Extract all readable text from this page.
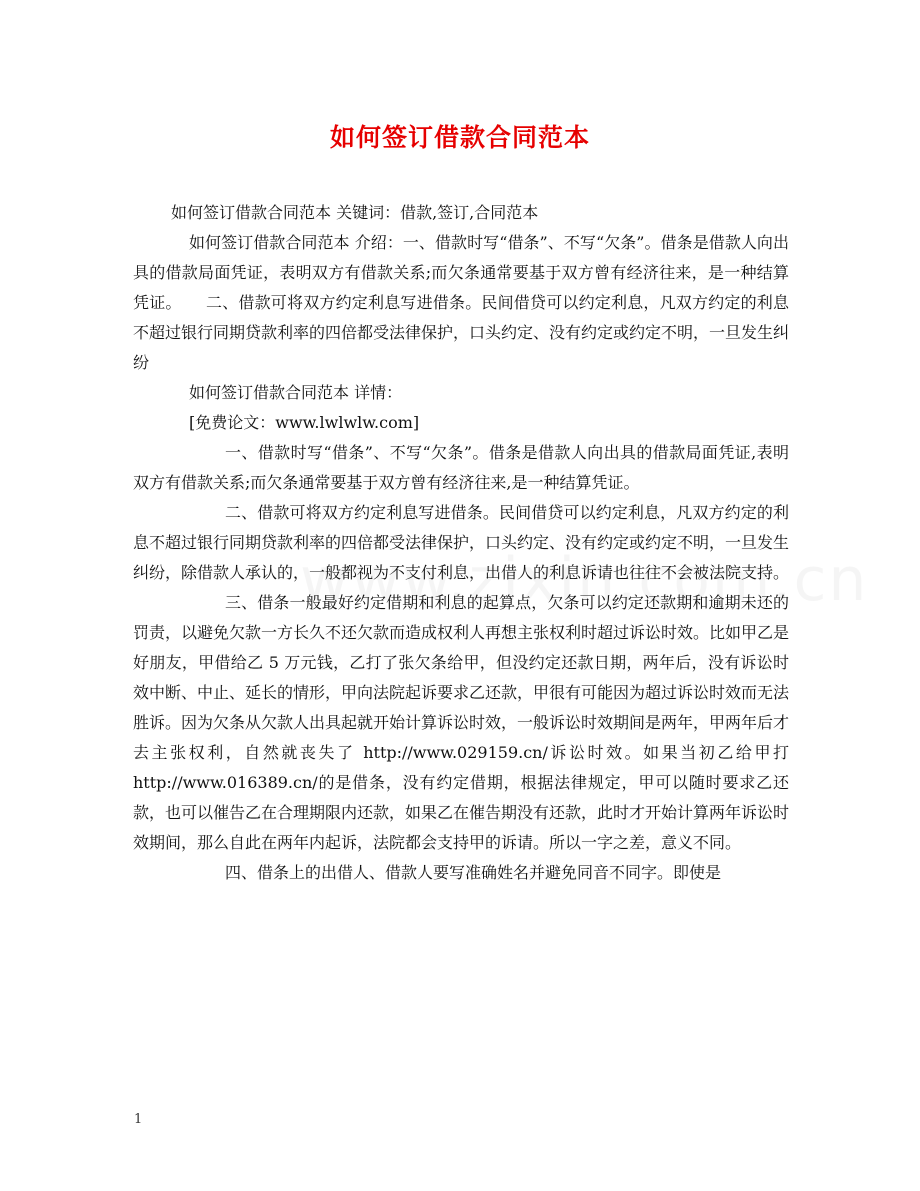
如何签订借款合同范本

如何签订借款合同范本 关键词：借款,签订,合同范本

如何签订借款合同范本 介绍：一、借款时写“借条”、不写“欠条”。借条是借款人向出具的借款局面凭证，表明双方有借款关系;而欠条通常要基于双方曾有经济往来，是一种结算凭证。　　二、借款可将双方约定利息写进借条。民间借贷可以约定利息，凡双方约定的利息不超过银行同期贷款利率的四倍都受法律保护，口头约定、没有约定或约定不明，一旦发生纠纷

如何签订借款合同范本 详情：

[免费论文：www.lwlwlw.com]

一、借款时写“借条”、不写“欠条”。借条是借款人向出具的借款局面凭证,表明双方有借款关系;而欠条通常要基于双方曾有经济往来,是一种结算凭证。

二、借款可将双方约定利息写进借条。民间借贷可以约定利息，凡双方约定的利息不超过银行同期贷款利率的四倍都受法律保护，口头约定、没有约定或约定不明，一旦发生纠纷，除借款人承认的，一般都视为不支付利息，出借人的利息诉请也往往不会被法院支持。

三、借条一般最好约定借期和利息的起算点，欠条可以约定还款期和逾期未还的罚责，以避免欠款一方长久不还欠款而造成权利人再想主张权利时超过诉讼时效。比如甲乙是好朋友，甲借给乙 5 万元钱，乙打了张欠条给甲，但没约定还款日期，两年后，没有诉讼时效中断、中止、延长的情形，甲向法院起诉要求乙还款，甲很有可能因为超过诉讼时效而无法胜诉。因为欠条从欠款人出具起就开始计算诉讼时效，一般诉讼时效期间是两年，甲两年后才去主张权利，自然就丧失了 http://www.029159.cn/诉讼时效。如果当初乙给甲打 http://www.016389.cn/的是借条，没有约定借期，根据法律规定，甲可以随时要求乙还款，也可以催告乙在合理期限内还款，如果乙在催告期没有还款，此时才开始计算两年诉讼时效期间，那么自此在两年内起诉，法院都会支持甲的诉请。所以一字之差，意义不同。

四、借条上的出借人、借款人要写准确姓名并避免同音不同字。即使是

1
